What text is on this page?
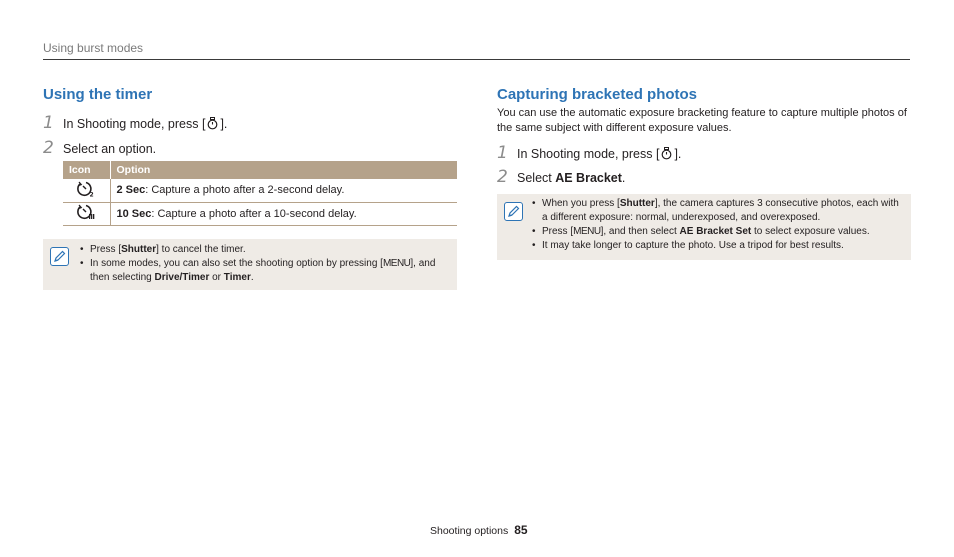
Using burst modes
Using the timer
1 In Shooting mode, press [ ].
2 Select an option.
Icon	Option

2	2 Sec: Capture a photo after a 2-second delay.
	10 Sec: Capture a photo after a 10-second delay.
• Press [Shutter] to cancel the timer.
• In some modes, you can also set the shooting option by pressing [MENU], and then selecting Drive/Timer or Timer.
Capturing bracketed photos
You can use the automatic exposure bracketing feature to capture multiple photos of the same subject with different exposure values.
1 In Shooting mode, press [ ].
2 Select AE Bracket.
• When you press [Shutter], the camera captures 3 consecutive photos, each with a different exposure: normal, underexposed, and overexposed.
• Press [MENU], and then select AE Bracket Set to select exposure values.
• It may take longer to capture the photo. Use a tripod for best results.
Shooting options 85
